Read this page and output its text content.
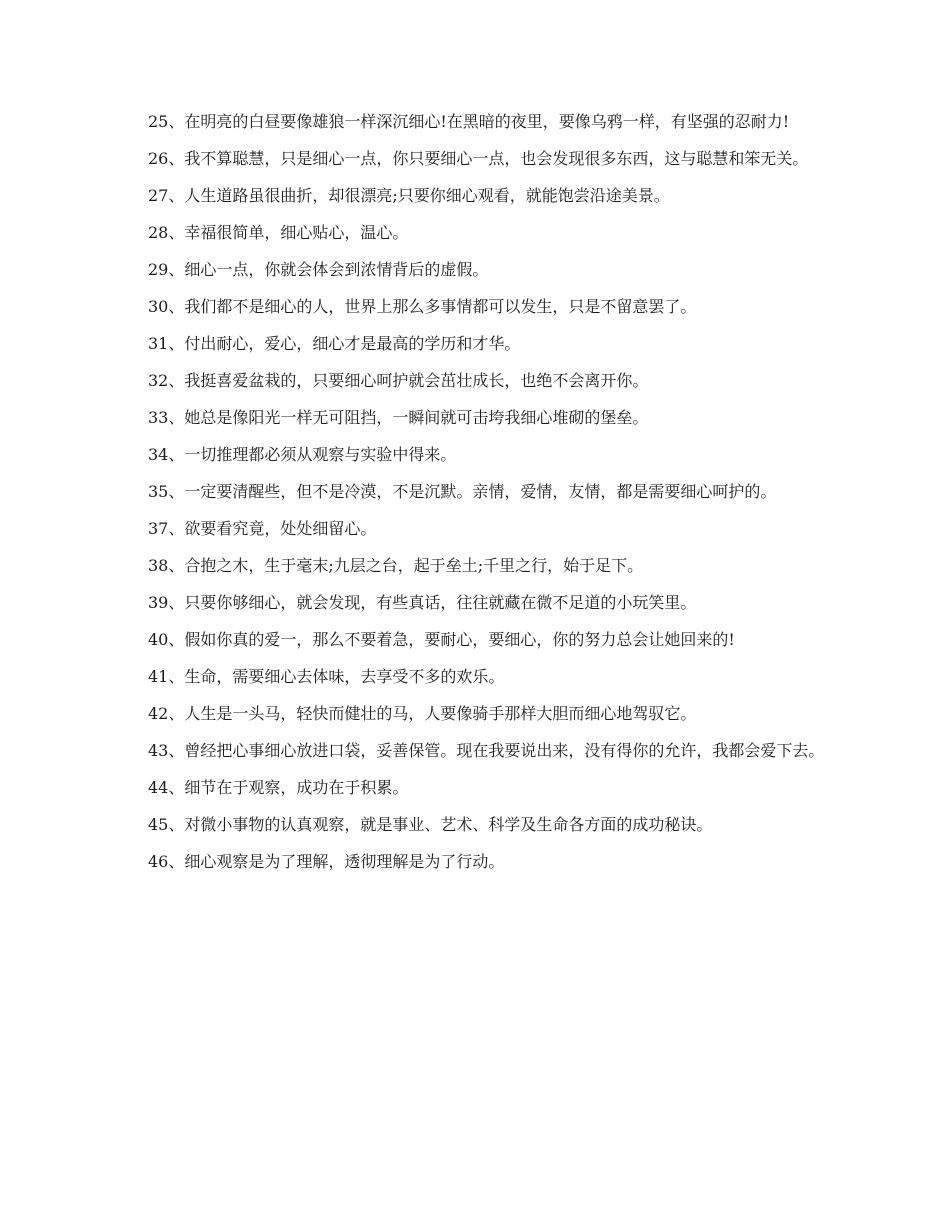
25、在明亮的白昼要像雄狼一样深沉细心!在黑暗的夜里，要像乌鸦一样，有坚强的忍耐力!

26、我不算聪慧，只是细心一点，你只要细心一点，也会发现很多东西，这与聪慧和笨无关。

27、人生道路虽很曲折，却很漂亮;只要你细心观看，就能饱尝沿途美景。

28、幸福很简单，细心贴心，温心。

29、细心一点，你就会体会到浓情背后的虚假。

30、我们都不是细心的人，世界上那么多事情都可以发生，只是不留意罢了。

31、付出耐心，爱心，细心才是最高的学历和才华。

32、我挺喜爱盆栽的，只要细心呵护就会茁壮成长，也绝不会离开你。

33、她总是像阳光一样无可阻挡，一瞬间就可击垮我细心堆砌的堡垒。

34、一切推理都必须从观察与实验中得来。

35、一定要清醒些，但不是冷漠，不是沉默。亲情，爱情，友情，都是需要细心呵护的。

37、欲要看究竟，处处细留心。

38、合抱之木，生于毫末;九层之台，起于垒土;千里之行，始于足下。

39、只要你够细心，就会发现，有些真话，往往就藏在微不足道的小玩笑里。

40、假如你真的爱一，那么不要着急，要耐心，要细心，你的努力总会让她回来的!

41、生命，需要细心去体味，去享受不多的欢乐。

42、人生是一头马，轻快而健壮的马，人要像骑手那样大胆而细心地驾驭它。

43、曾经把心事细心放进口袋，妥善保管。现在我要说出来，没有得你的允许，我都会爱下去。

44、细节在于观察，成功在于积累。

45、对微小事物的认真观察，就是事业、艺术、科学及生命各方面的成功秘诀。

46、细心观察是为了理解，透彻理解是为了行动。
